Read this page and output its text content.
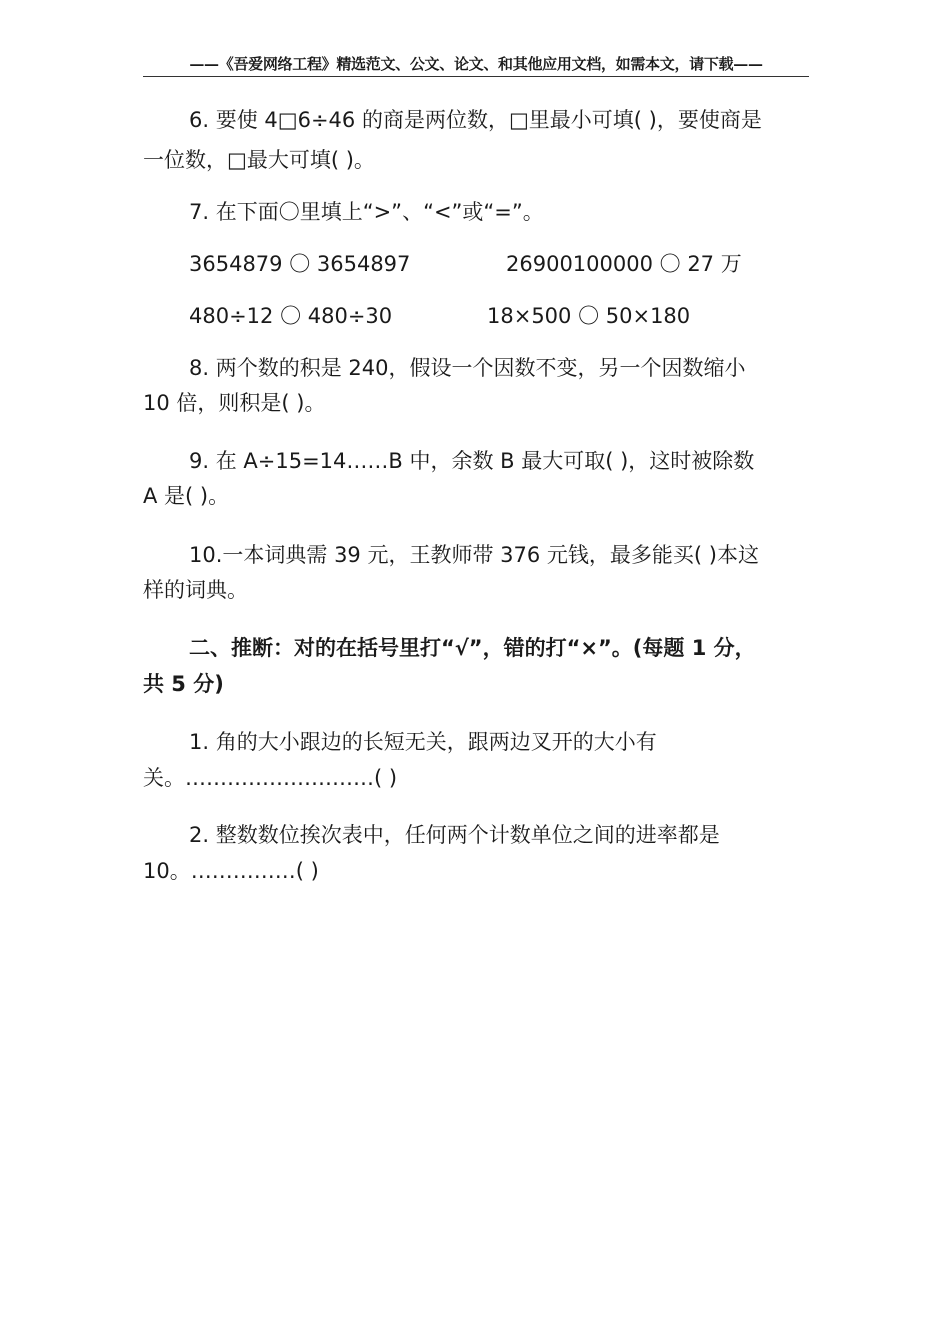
——《吾爱网络工程》精选范文、公文、论文、和其他应用文档，如需本文，请下载——
6. 要使 4□6÷46 的商是两位数，□里最小可填( )，要使商是
一位数，□最大可填( )。
7. 在下面〇里填上“>”、“<”或“=”。
3654879 〇 3654897	26900100000 〇 27 万
480÷12 〇 480÷30	18×500 〇 50×180
8. 两个数的积是 240，假设一个因数不变，另一个因数缩小
10 倍，则积是( )。
9. 在 A÷15=14……B 中，余数 B 最大可取( )，这时被除数
A 是( )。
10.一本词典需 39 元，王教师带 376 元钱，最多能买( )本这
样的词典。
二、推断：对的在括号里打“√”，错的打“×”。(每题 1 分，
共 5 分)
1. 角的大小跟边的长短无关，跟两边叉开的大小有
关。………………………( )
2. 整数数位挨次表中，任何两个计数单位之间的进率都是
10。……………( )
